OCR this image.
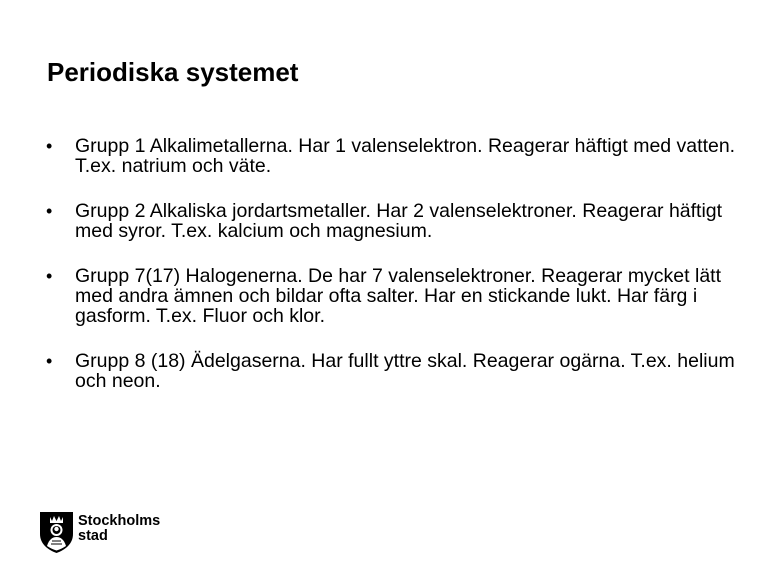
Periodiska systemet
• Grupp 1 Alkalimetallerna. Har 1 valenselektron. Reagerar häftigt med vatten. T.ex. natrium och väte.
• Grupp 2 Alkaliska jordartsmetaller. Har 2 valenselektroner. Reagerar häftigt med syror. T.ex. kalcium och magnesium.
• Grupp 7(17) Halogenerna. De har 7 valenselektroner. Reagerar mycket lätt med andra ämnen och bildar ofta salter. Har en stickande lukt. Har färg i gasform. T.ex. Fluor och klor.
• Grupp 8 (18) Ädelgaserna. Har fullt yttre skal. Reagerar ogärna. T.ex. helium och neon.
Stockholms
stad
